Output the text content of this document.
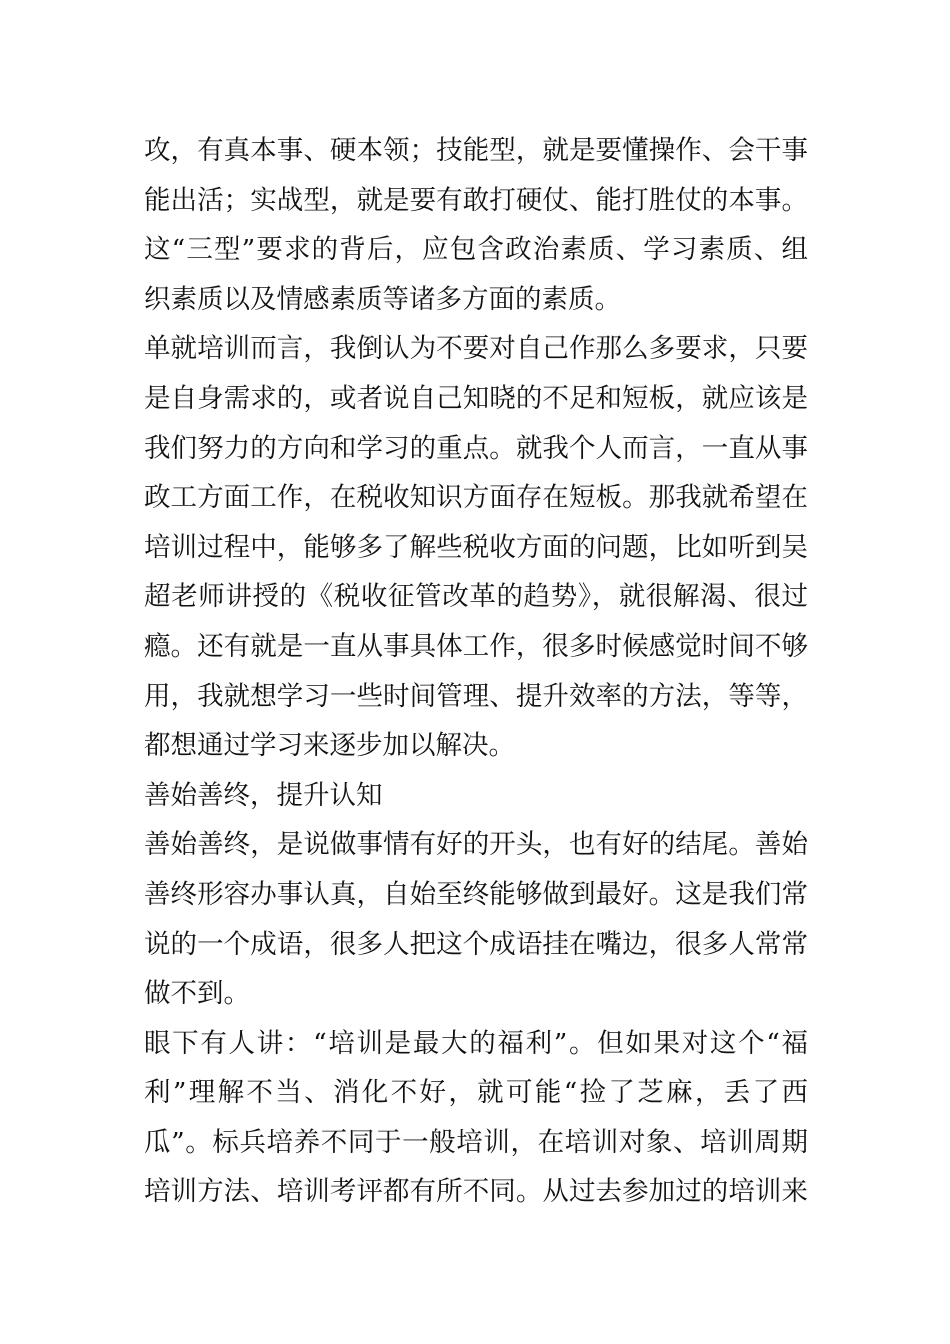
攻，有真本事、硬本领；技能型，就是要懂操作、会干事
能出活；实战型，就是要有敢打硬仗、能打胜仗的本事。
这“三型”要求的背后，应包含政治素质、学习素质、组
织素质以及情感素质等诸多方面的素质。
单就培训而言，我倒认为不要对自己作那么多要求，只要
是自身需求的，或者说自己知晓的不足和短板，就应该是
我们努力的方向和学习的重点。就我个人而言，一直从事
政工方面工作，在税收知识方面存在短板。那我就希望在
培训过程中，能够多了解些税收方面的问题，比如听到吴
超老师讲授的《税收征管改革的趋势》，就很解渴、很过
瘾。还有就是一直从事具体工作，很多时候感觉时间不够
用，我就想学习一些时间管理、提升效率的方法，等等，
都想通过学习来逐步加以解决。
善始善终，提升认知
善始善终，是说做事情有好的开头，也有好的结尾。善始
善终形容办事认真，自始至终能够做到最好。这是我们常
说的一个成语，很多人把这个成语挂在嘴边，很多人常常
做不到。
眼下有人讲：“培训是最大的福利”。但如果对这个“福
利”理解不当、消化不好，就可能“捡了芝麻，丢了西
瓜”。标兵培养不同于一般培训，在培训对象、培训周期
培训方法、培训考评都有所不同。从过去参加过的培训来
